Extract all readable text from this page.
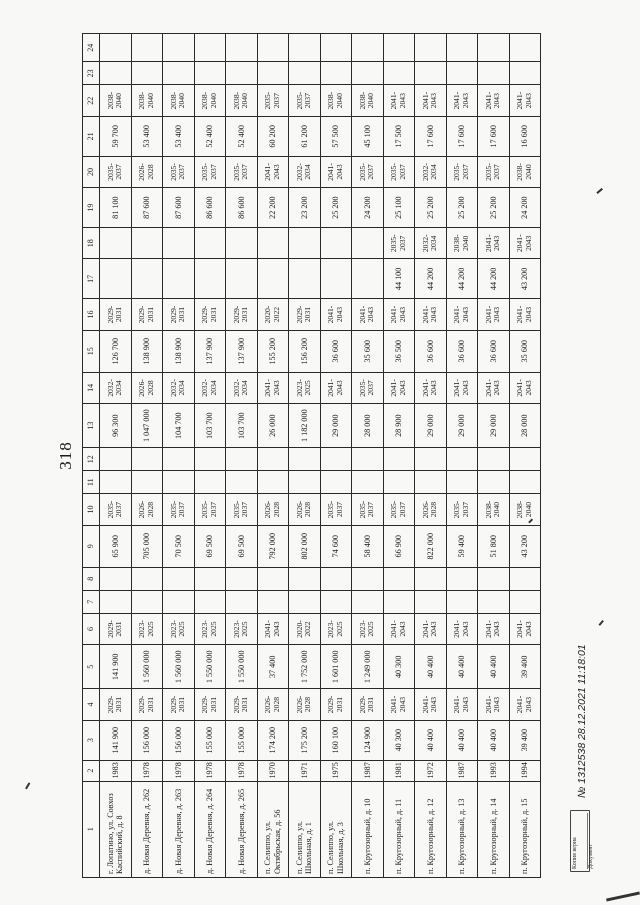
318
1	2	3	4	5	6	7	8	9	10	11	12	13	14	15	16	17	18	19	20	21	22	23	24
г. Лопатино, ул. Совхоз Каспийский, д. 8	1983	141 900	2029-2031	141 900	2029-2031			65 900	2035-2037			96 300	2032-2034	126 700	2029-2031			81 100	2035-2037	59 700	2038-2040		
д. Новая Деревня, д. 262	1978	156 000	2029-2031	1 560 000	2023-2025			705 000	2026-2028			1 047 000	2026-2028	138 900	2029-2031			87 600	2026-2028	53 400	2038-2040		
д. Новая Деревня, д. 263	1978	156 000	2029-2031	1 560 000	2023-2025			70 500	2035-2037			104 700	2032-2034	138 900	2029-2031			87 600	2035-2037	53 400	2038-2040		
д. Новая Деревня, д. 264	1978	155 000	2029-2031	1 550 000	2023-2025			69 500	2035-2037			103 700	2032-2034	137 900	2029-2031			86 600	2035-2037	52 400	2038-2040		
д. Новая Деревня, д. 265	1978	155 000	2029-2031	1 550 000	2023-2025			69 500	2035-2037			103 700	2032-2034	137 900	2029-2031			86 600	2035-2037	52 400	2038-2040		
п. Селиппо, ул. Октябрьская, д. 56	1970	174 200	2026-2028	37 400	2041-2043			792 000	2026-2028			26 000	2041-2043	155 200	2020-2022			22 200	2041-2043	60 200	2035-2037		
п. Селиппо, ул. Школьная, д. 1	1971	175 200	2026-2028	1 752 000	2020-2022			802 000	2026-2028			1 182 000	2023-2025	156 200	2029-2031			23 200	2032-2034	61 200	2035-2037		
п. Селиппо, ул. Школьная, д. 3	1975	160 100	2029-2031	1 601 000	2023-2025			74 600	2035-2037			29 000	2041-2043	36 600	2041-2043			25 200	2041-2043	57 500	2038-2040		
п. Кругозорный, д. 10	1987	124 900	2029-2031	1 249 000	2023-2025			58 400	2035-2037			28 000	2035-2037	35 600	2041-2043			24 200	2035-2037	45 100	2038-2040		
п. Кругозорный, д. 11	1981	40 300	2041-2043	40 300	2041-2043			66 900	2035-2037			28 900	2041-2043	36 500	2041-2043	44 100	2035-2037	25 100	2035-2037	17 500	2041-2043		
п. Кругозорный, д. 12	1972	40 400	2041-2043	40 400	2041-2043			822 000	2026-2028			29 000	2041-2043	36 600	2041-2043	44 200	2032-2034	25 200	2032-2034	17 600	2041-2043		
п. Кругозорный, д. 13	1987	40 400	2041-2043	40 400	2041-2043			59 400	2035-2037			29 000	2041-2043	36 600	2041-2043	44 200	2038-2040	25 200	2035-2037	17 600	2041-2043		
п. Кругозорный, д. 14	1993	40 400	2041-2043	40 400	2041-2043			51 800	2038-2040			29 000	2041-2043	36 600	2041-2043	44 200	2041-2043	25 200	2035-2037	17 600	2041-2043		
п. Кругозорный, д. 15	1994	39 400	2041-2043	39 400	2041-2043			43 200	2038-2040			28 000	2041-2043	35 600	2041-2043	43 200	2041-2043	24 200	2038-2040	16 600	2041-2043		
Копия верна Документ
№ 1312538 28.12.2021 11:18:01
